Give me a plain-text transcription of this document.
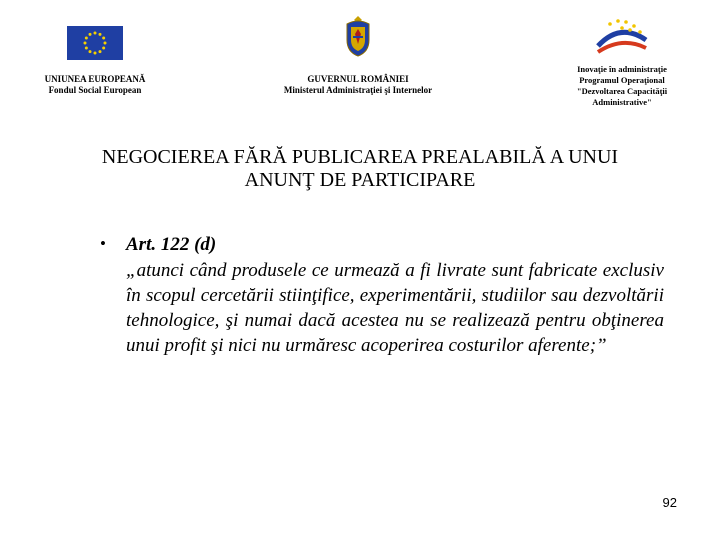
UNIUNEA EUROPEANĂ
Fondul Social European
GUVERNUL ROMÂNIEI
Ministerul Administraţiei şi Internelor
Inovaţie în administraţie
Programul Operaţional
"Dezvoltarea Capacităţii
Administrative"
NEGOCIEREA FĂRĂ PUBLICAREA PREALABILĂ A UNUI
ANUNŢ DE PARTICIPARE
• Art. 122 (d)
„atunci când produsele ce urmează a fi livrate sunt fabricate exclusiv în scopul cercetării stiinţifice, experimentării, studiilor sau dezvoltării tehnologice, şi numai dacă acestea nu se realizează pentru obţinerea unui profit şi nici nu urmăresc acoperirea costurilor aferente;”
92
